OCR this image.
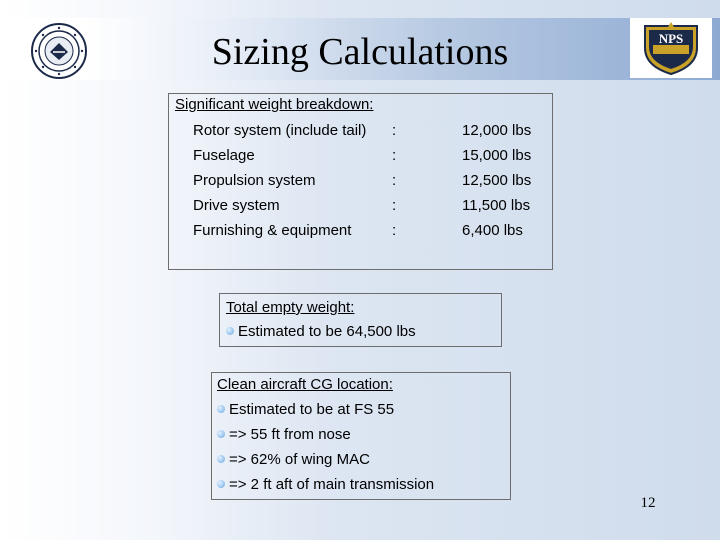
NPS
Sizing Calculations
Significant weight breakdown:
Rotor system (include tail) :	12,000 lbs
Fuselage	:	15,000 lbs
Propulsion system	:	12,500 lbs
Drive system	:	11,500 lbs
Furnishing & equipment	:	6,400 lbs
Total empty weight:
Estimated to be 64,500 lbs
Clean aircraft CG location:
Estimated to be at FS 55
=> 55 ft from nose
=> 62% of wing MAC
=> 2 ft aft of main transmission
12
